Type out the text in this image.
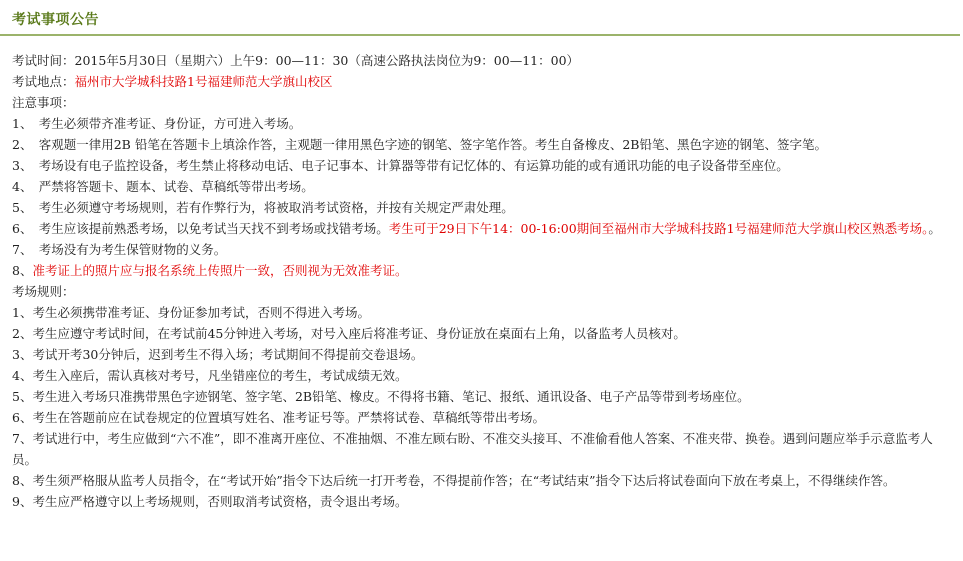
考试事项公告
考试时间：2015年5月30日（星期六）上午9：00—11：30（高速公路执法岗位为9：00—11：00）
考试地点：福州市大学城科技路1号福建师范大学旗山校区
注意事项：
1、　考生必须带齐准考证、身份证，方可进入考场。
2、　客观题一律用2B 铅笔在答题卡上填涂作答，主观题一律用黑色字迹的钢笔、签字笔作答。考生自备橡皮、2B铅笔、黑色字迹的钢笔、签字笔。
3、　考场设有电子监控设备，考生禁止将移动电话、电子记事本、计算器等带有记忆体的、有运算功能的或有通讯功能的电子设备带至座位。
4、　严禁将答题卡、题本、试卷、草稿纸等带出考场。
5、　考生必须遵守考场规则，若有作弊行为，将被取消考试资格，并按有关规定严肃处理。
6、　考生应该提前熟悉考场，以免考试当天找不到考场或找错考场。考生可于29日下午14：00-16:00期间至福州市大学城科技路1号福建师范大学旗山校区熟悉考场。。
7、　考场没有为考生保管财物的义务。
8、准考证上的照片应与报名系统上传照片一致，否则视为无效准考证。
考场规则：
1、考生必须携带准考证、身份证参加考试，否则不得进入考场。
2、考生应遵守考试时间，在考试前45分钟进入考场，对号入座后将准考证、身份证放在桌面右上角，以备监考人员核对。
3、考试开考30分钟后，迟到考生不得入场；考试期间不得提前交卷退场。
4、考生入座后，需认真核对考号，凡坐错座位的考生，考试成绩无效。
5、考生进入考场只准携带黑色字迹钢笔、签字笔、2B铅笔、橡皮。不得将书籍、笔记、报纸、通讯设备、电子产品等带到考场座位。
6、考生在答题前应在试卷规定的位置填写姓名、准考证号等。严禁将试卷、草稿纸等带出考场。
7、考试进行中，考生应做到“六不准”，即不准离开座位、不准抽烟、不准左顾右盼、不准交头接耳、不准偷看他人答案、不准夹带、换卷。遇到问题应举手示意监考人员。
8、考生须严格服从监考人员指令，在“考试开始”指令下达后统一打开考卷，不得提前作答；在“考试结束”指令下达后将试卷面向下放在考桌上，不得继续作答。
9、考生应严格遵守以上考场规则，否则取消考试资格，责令退出考场。
